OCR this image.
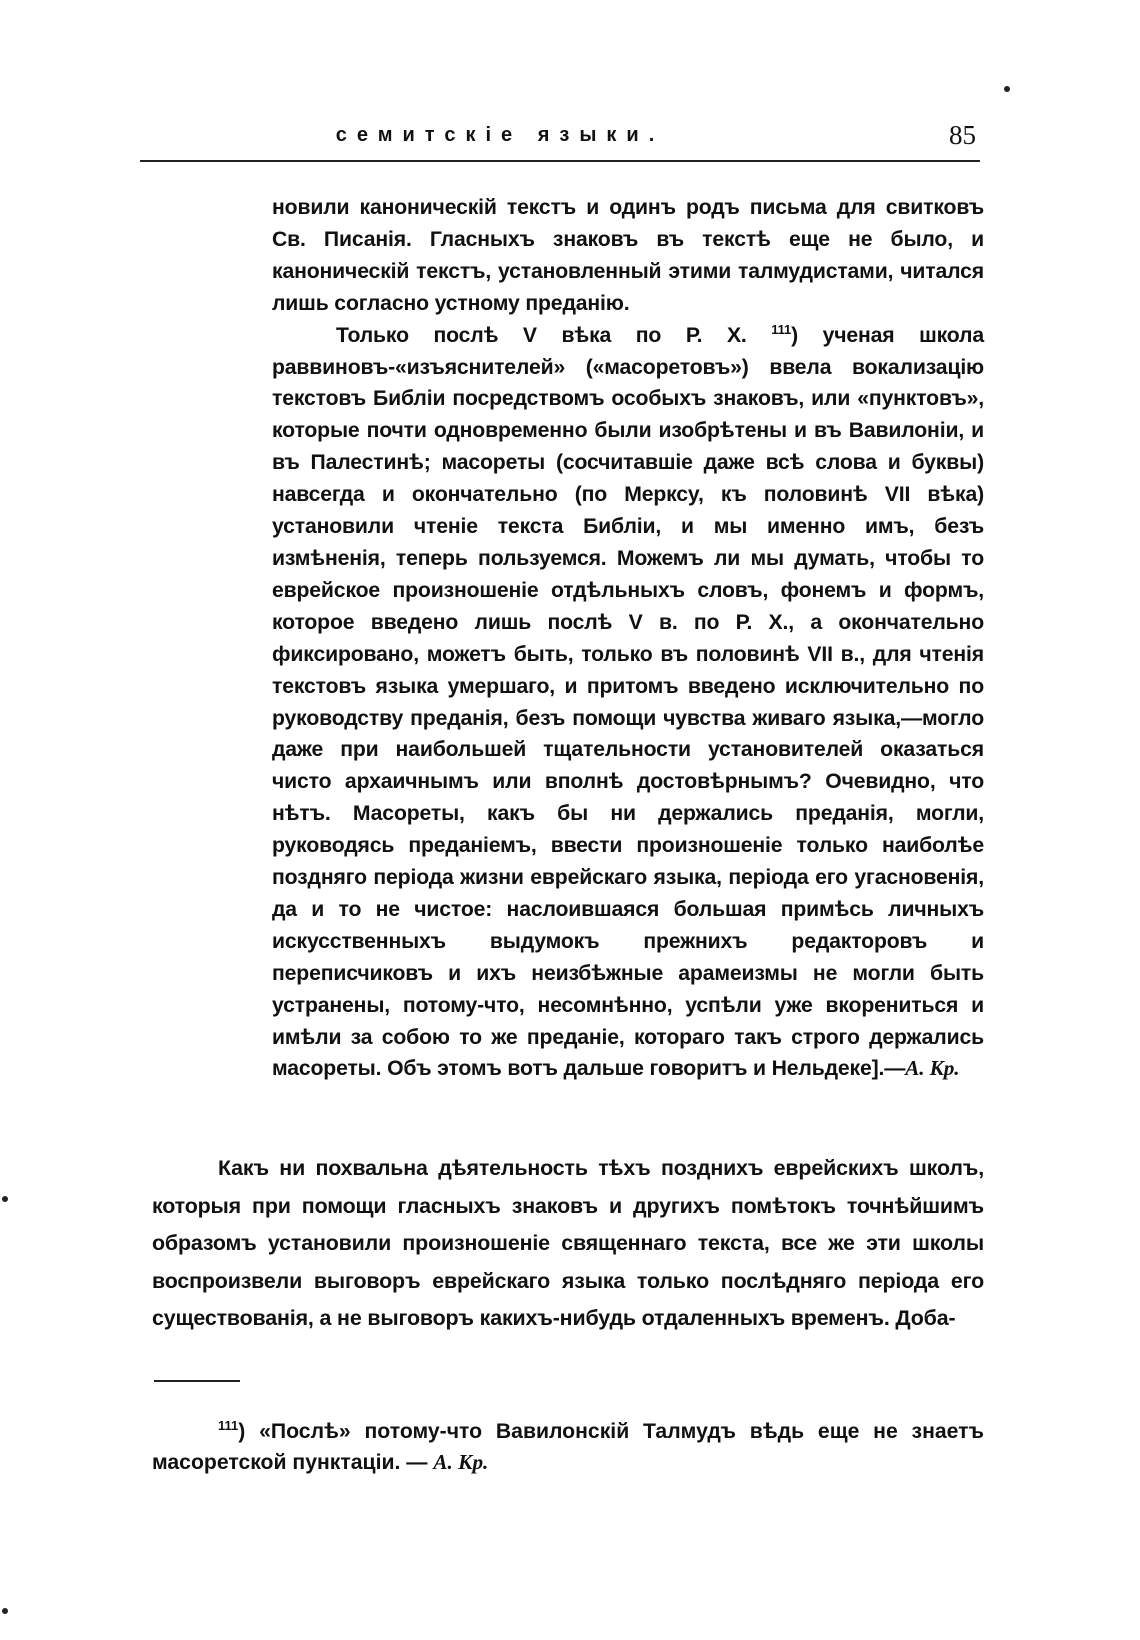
семитскіе языки.	85

новили каноническій текстъ и одинъ родъ письма для свитковъ Св. Писанія. Гласныхъ знаковъ въ текстѣ еще не было, и каноническій текстъ, установленный этими талмудистами, читался лишь согласно устному преданію.

Только послѣ V вѣка по Р. Х. $^{111}$) ученая школа раввиновъ-«изъяснителей» («масоретовъ») ввела вокализацію текстовъ Библіи посредствомъ особыхъ знаковъ, или «пунктовъ», которые почти одновременно были изобрѣтены и въ Вавилоніи, и въ Палестинѣ; масореты (сосчитавшіе даже всѣ слова и буквы) навсегда и окончательно (по Мерксу, къ половинѣ VII вѣка) установили чтеніе текста Библіи, и мы именно имъ, безъ измѣненія, теперь пользуемся. Можемъ ли мы думать, чтобы то еврейское произношеніе отдѣльныхъ словъ, фонемъ и формъ, которое введено лишь послѣ V в. по Р. Х., а окончательно фиксировано, можетъ быть, только въ половинѣ VII в., для чтенія текстовъ языка умершаго, и притомъ введено исключительно по руководству преданія, безъ помощи чувства живаго языка,—могло даже при наибольшей тщательности установителей оказаться чисто архаичнымъ или вполнѣ достовѣрнымъ? Очевидно, что нѣтъ. Масореты, какъ бы ни держались преданія, могли, руководясь преданіемъ, ввести произношеніе только наиболѣе поздняго періода жизни еврейскаго языка, періода его угасновенія, да и то не чистое: наслоившаяся большая примѣсь личныхъ искусственныхъ выдумокъ прежнихъ редакторовъ и переписчиковъ и ихъ неизбѣжные арамеизмы не могли быть устранены, потому-что, несомнѣнно, успѣли уже вкорениться и имѣли за собою то же преданіе, котораго такъ строго держались масореты. Объ этомъ вотъ дальше говоритъ и Нельдеке].—А. Кр.

Какъ ни похвальна дѣятельность тѣхъ позднихъ еврейскихъ школъ, которыя при помощи гласныхъ знаковъ и другихъ помѣтокъ точнѣйшимъ образомъ установили произношеніе священнаго текста, все же эти школы воспроизвели выговоръ еврейскаго языка только послѣдняго періода его существованія, а не выговоръ какихъ-нибудь отдаленныхъ временъ. Доба-

$^{111}$) «Послѣ» потому-что Вавилонскій Талмудъ вѣдь еще не знаетъ масоретской пунктаціи. — А. Кр.
